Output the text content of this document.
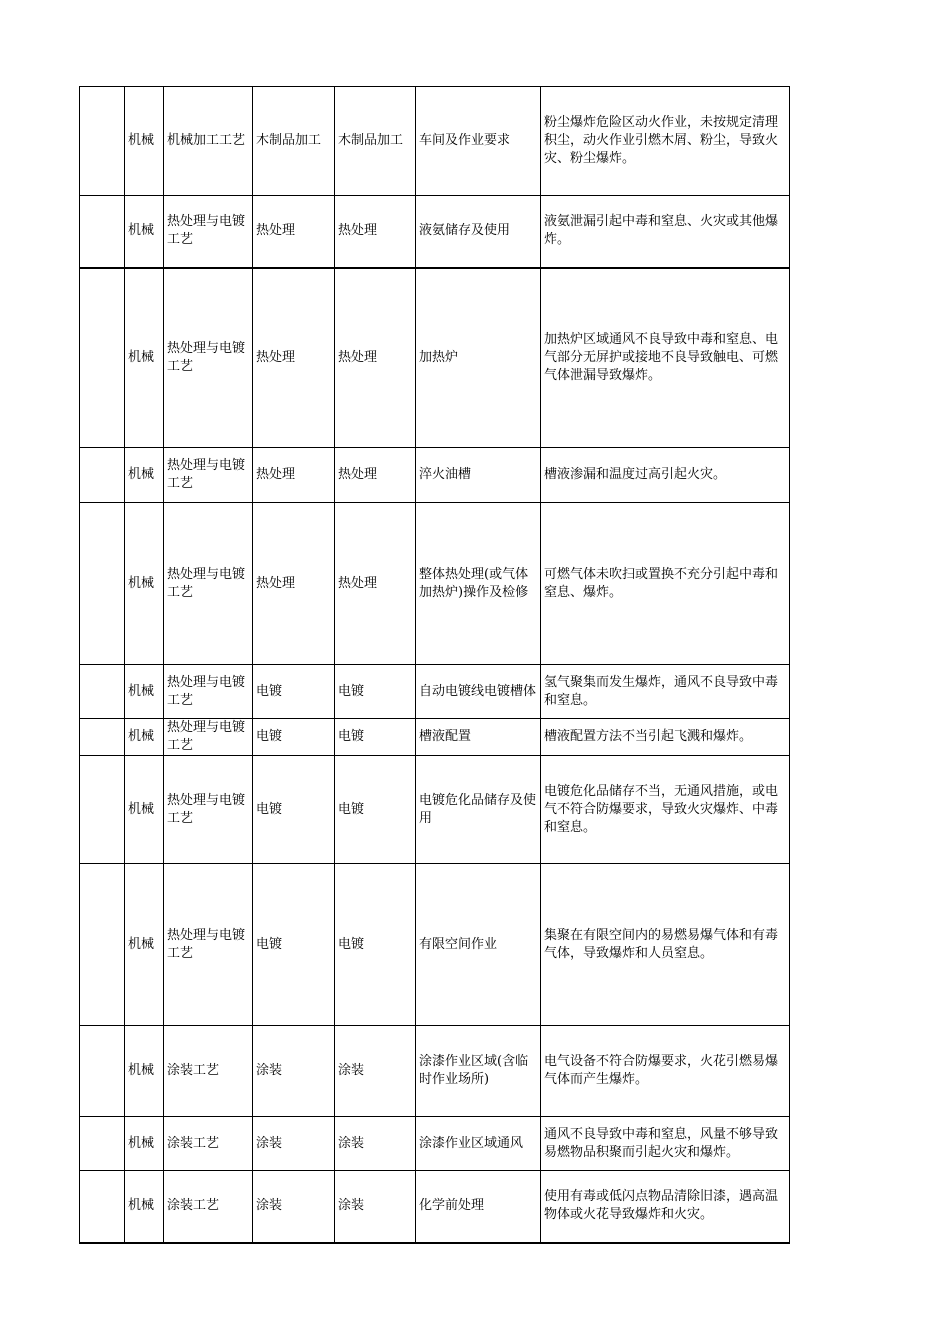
	机械	机械加工工艺	木制品加工	木制品加工	车间及作业要求	粉尘爆炸危险区动火作业，未按规定清理积尘，动火作业引燃木屑、粉尘，导致火灾、粉尘爆炸。
	机械	热处理与电镀工艺	热处理	热处理	液氨储存及使用	液氨泄漏引起中毒和窒息、火灾或其他爆炸。
	机械	热处理与电镀工艺	热处理	热处理	加热炉	加热炉区域通风不良导致中毒和窒息、电气部分无屏护或接地不良导致触电、可燃气体泄漏导致爆炸。
	机械	热处理与电镀工艺	热处理	热处理	淬火油槽	槽液渗漏和温度过高引起火灾。
	机械	热处理与电镀工艺	热处理	热处理	整体热处理(或气体加热炉)操作及检修	可燃气体未吹扫或置换不充分引起中毒和窒息、爆炸。
	机械	热处理与电镀工艺	电镀	电镀	自动电镀线电镀槽体	氢气聚集而发生爆炸，通风不良导致中毒和窒息。
	机械	热处理与电镀工艺	电镀	电镀	槽液配置	槽液配置方法不当引起飞溅和爆炸。
	机械	热处理与电镀工艺	电镀	电镀	电镀危化品储存及使用	电镀危化品储存不当，无通风措施，或电气不符合防爆要求，导致火灾爆炸、中毒和窒息。
	机械	热处理与电镀工艺	电镀	电镀	有限空间作业	集聚在有限空间内的易燃易爆气体和有毒气体，导致爆炸和人员窒息。
	机械	涂装工艺	涂装	涂装	涂漆作业区域(含临时作业场所)	电气设备不符合防爆要求，火花引燃易爆气体而产生爆炸。
	机械	涂装工艺	涂装	涂装	涂漆作业区域通风	通风不良导致中毒和窒息，风量不够导致易燃物品积聚而引起火灾和爆炸。
	机械	涂装工艺	涂装	涂装	化学前处理	使用有毒或低闪点物品清除旧漆，遇高温物体或火花导致爆炸和火灾。
